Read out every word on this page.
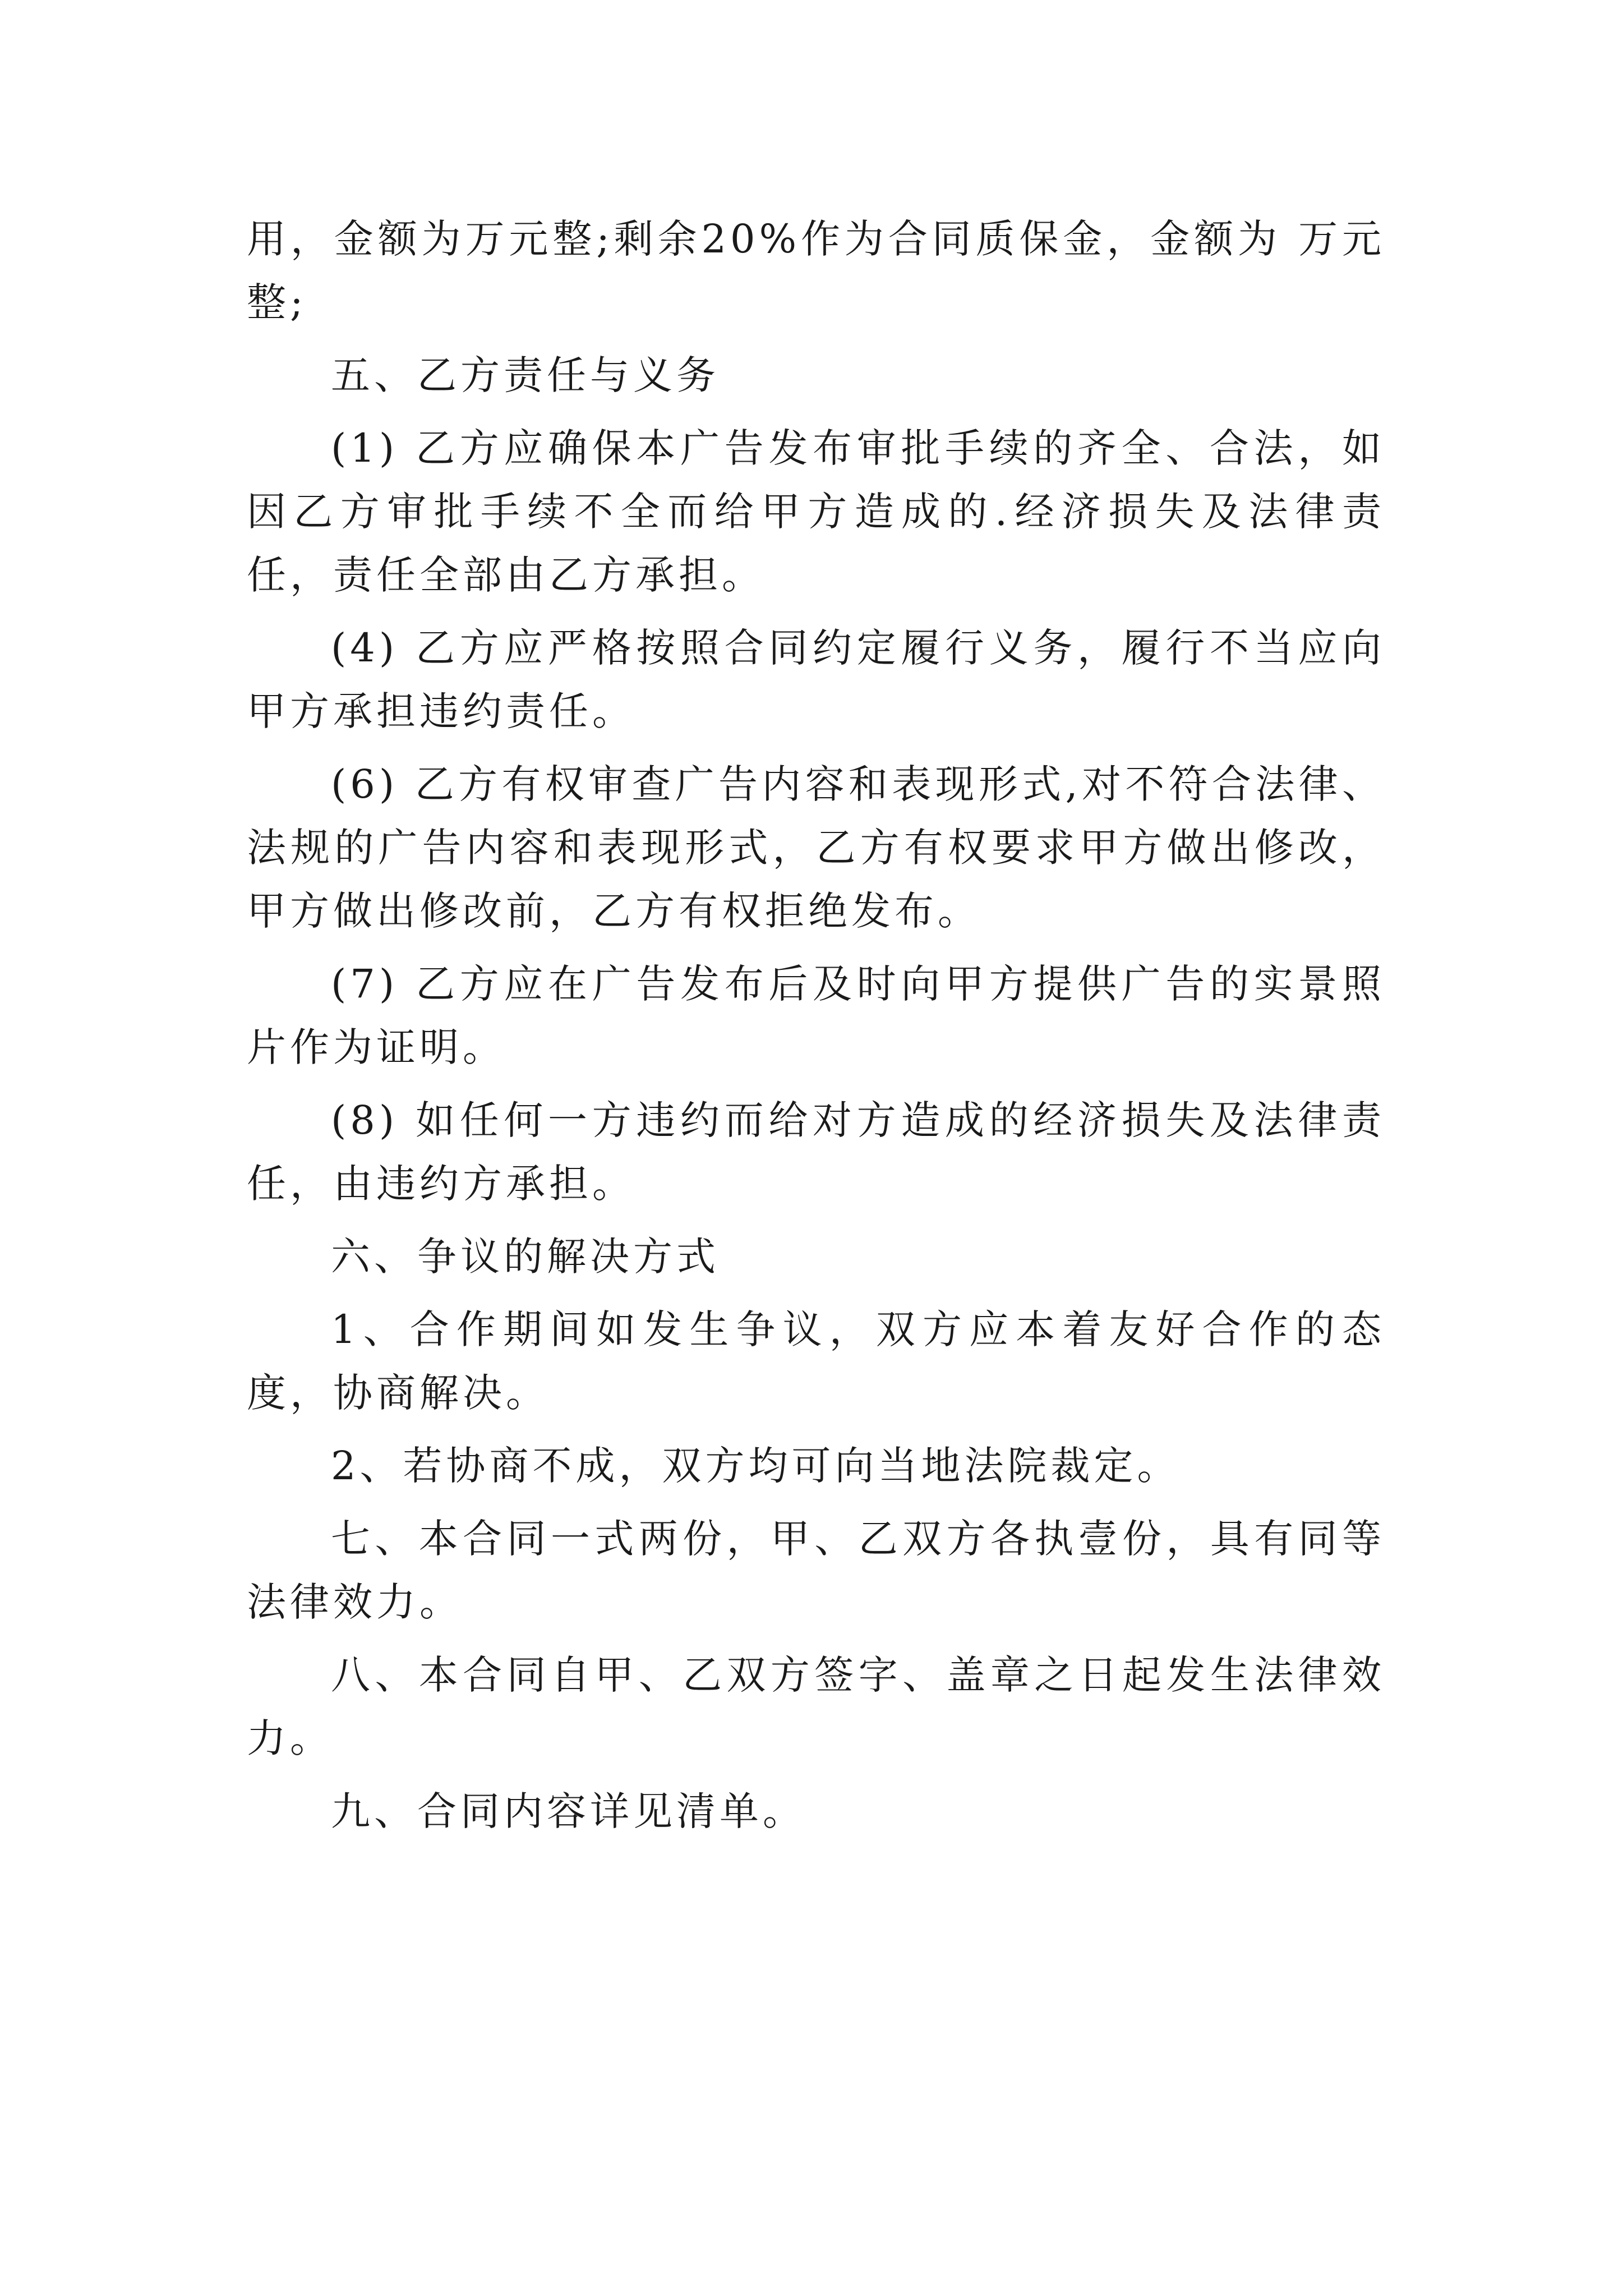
用，金额为万元整;剩余20%作为合同质保金，金额为 万元整;

五、乙方责任与义务

(1) 乙方应确保本广告发布审批手续的齐全、合法，如因乙方审批手续不全而给甲方造成的.经济损失及法律责任，责任全部由乙方承担。

(4) 乙方应严格按照合同约定履行义务，履行不当应向甲方承担违约责任。

(6) 乙方有权审查广告内容和表现形式,对不符合法律、法规的广告内容和表现形式，乙方有权要求甲方做出修改，甲方做出修改前，乙方有权拒绝发布。

(7) 乙方应在广告发布后及时向甲方提供广告的实景照片作为证明。

(8) 如任何一方违约而给对方造成的经济损失及法律责任，由违约方承担。

六、争议的解决方式

1、合作期间如发生争议，双方应本着友好合作的态度，协商解决。

2、若协商不成，双方均可向当地法院裁定。

七、本合同一式两份，甲、乙双方各执壹份，具有同等法律效力。

八、本合同自甲、乙双方签字、盖章之日起发生法律效力。

九、合同内容详见清单。
